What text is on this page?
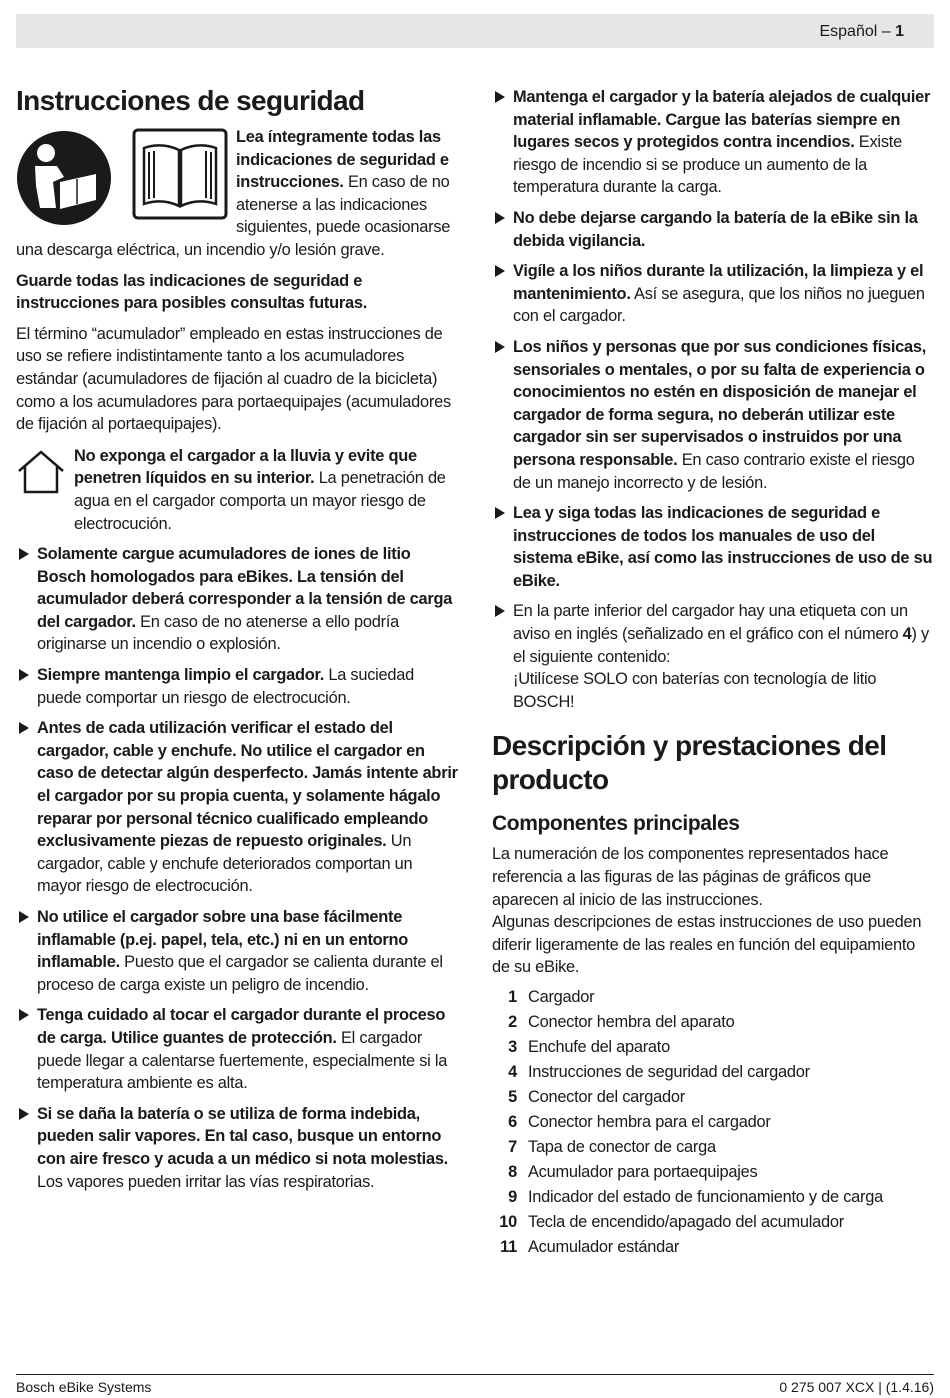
Español – 1
Instrucciones de seguridad
Lea íntegramente todas las indicaciones de seguridad e instrucciones. En caso de no atenerse a las indicaciones siguientes, puede ocasionarse una descarga eléctrica, un incendio y/o lesión grave.

Guarde todas las indicaciones de seguridad e instrucciones para posibles consultas futuras.

El término “acumulador” empleado en estas instrucciones de uso se refiere indistintamente tanto a los acumuladores estándar (acumuladores de fijación al cuadro de la bicicleta) como a los acumuladores para portaequipajes (acumuladores de fijación al portaequipajes).

No exponga el cargador a la lluvia y evite que penetren líquidos en su interior. La penetración de agua en el cargador comporta un mayor riesgo de electrocución.
Solamente cargue acumuladores de iones de litio Bosch homologados para eBikes. La tensión del acumulador deberá corresponder a la tensión de carga del cargador. En caso de no atenerse a ello podría originarse un incendio o explosión.
Siempre mantenga limpio el cargador. La suciedad puede comportar un riesgo de electrocución.
Antes de cada utilización verificar el estado del cargador, cable y enchufe. No utilice el cargador en caso de detectar algún desperfecto. Jamás intente abrir el cargador por su propia cuenta, y solamente hágalo reparar por personal técnico cualificado empleando exclusivamente piezas de repuesto originales. Un cargador, cable y enchufe deteriorados comportan un mayor riesgo de electrocución.
No utilice el cargador sobre una base fácilmente inflamable (p.ej. papel, tela, etc.) ni en un entorno inflamable. Puesto que el cargador se calienta durante el proceso de carga existe un peligro de incendio.
Tenga cuidado al tocar el cargador durante el proceso de carga. Utilice guantes de protección. El cargador puede llegar a calentarse fuertemente, especialmente si la temperatura ambiente es alta.
Si se daña la batería o se utiliza de forma indebida, pueden salir vapores. En tal caso, busque un entorno con aire fresco y acuda a un médico si nota molestias. Los vapores pueden irritar las vías respiratorias.
Mantenga el cargador y la batería alejados de cualquier material inflamable. Cargue las baterías siempre en lugares secos y protegidos contra incendios. Existe riesgo de incendio si se produce un aumento de la temperatura durante la carga.
No debe dejarse cargando la batería de la eBike sin la debida vigilancia.
Vigíle a los niños durante la utilización, la limpieza y el mantenimiento. Así se asegura, que los niños no jueguen con el cargador.
Los niños y personas que por sus condiciones físicas, sensoriales o mentales, o por su falta de experiencia o conocimientos no estén en disposición de manejar el cargador de forma segura, no deberán utilizar este cargador sin ser supervisados o instruidos por una persona responsable. En caso contrario existe el riesgo de un manejo incorrecto y de lesión.
Lea y siga todas las indicaciones de seguridad e instrucciones de todos los manuales de uso del sistema eBike, así como las instrucciones de uso de su eBike.
En la parte inferior del cargador hay una etiqueta con un aviso en inglés (señalizado en el gráfico con el número 4) y el siguiente contenido:
¡Utilícese SOLO con baterías con tecnología de litio BOSCH!
Descripción y prestaciones del producto
Componentes principales

La numeración de los componentes representados hace referencia a las figuras de las páginas de gráficos que aparecen al inicio de las instrucciones.

Algunas descripciones de estas instrucciones de uso pueden diferir ligeramente de las reales en función del equipamiento de su eBike.

1 Cargador
2 Conector hembra del aparato
3 Enchufe del aparato
4 Instrucciones de seguridad del cargador
5 Conector del cargador
6 Conector hembra para el cargador
7 Tapa de conector de carga
8 Acumulador para portaequipajes
9 Indicador del estado de funcionamiento y de carga
10 Tecla de encendido/apagado del acumulador
11 Acumulador estándar
Bosch eBike Systems	0 275 007 XCX | (1.4.16)
